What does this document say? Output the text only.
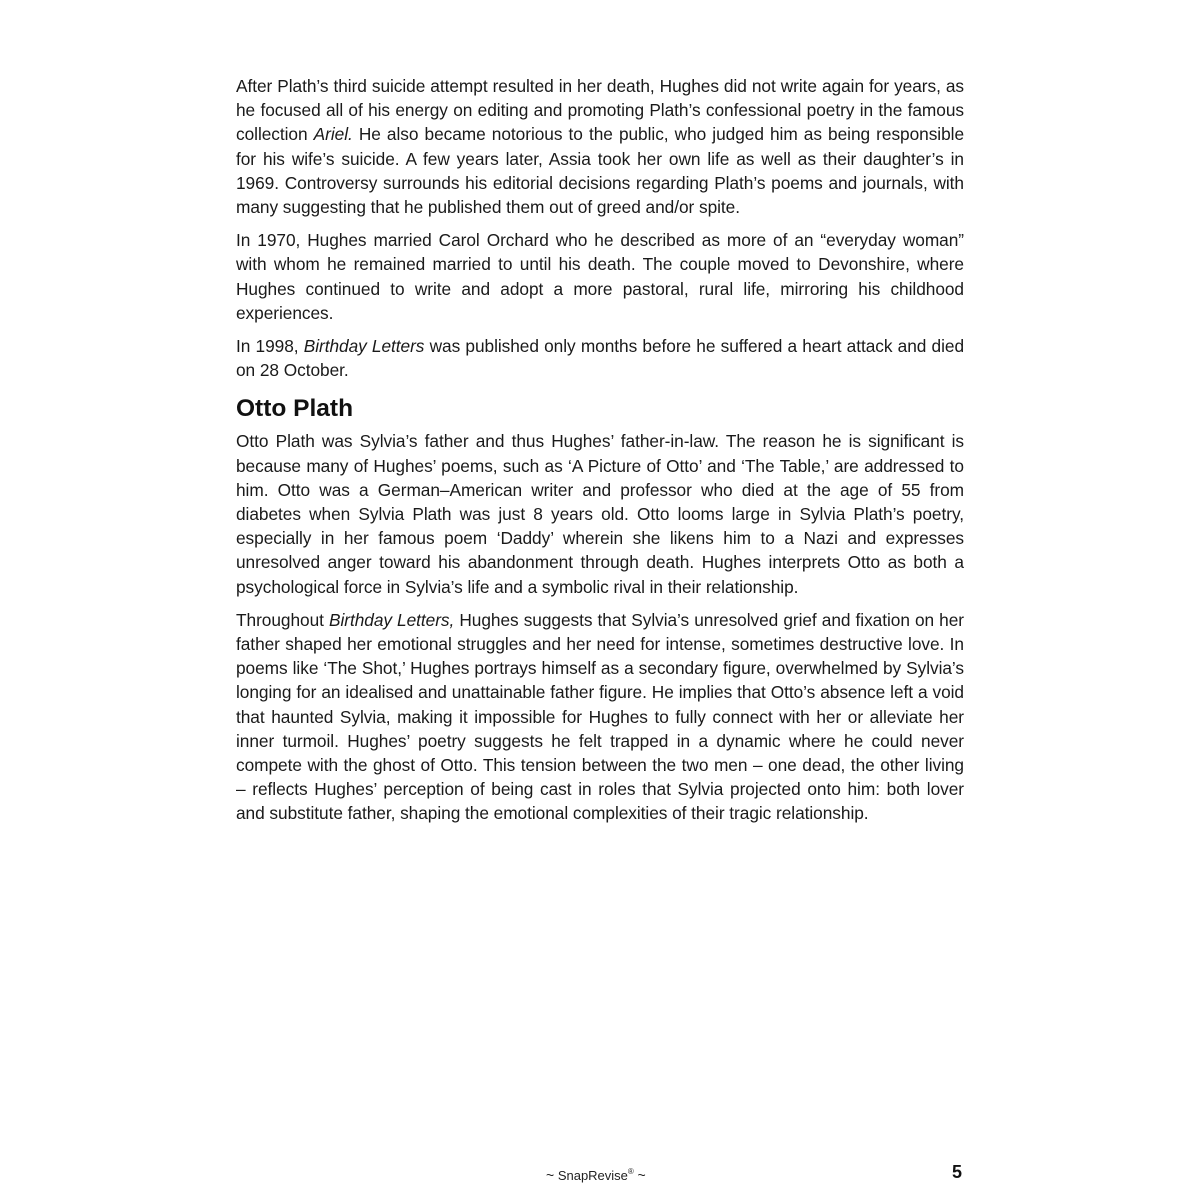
After Plath’s third suicide attempt resulted in her death, Hughes did not write again for years, as he focused all of his energy on editing and promoting Plath’s confessional poetry in the famous collection Ariel. He also became notorious to the public, who judged him as being responsible for his wife’s suicide. A few years later, Assia took her own life as well as their daughter’s in 1969. Controversy surrounds his editorial decisions regarding Plath’s poems and journals, with many suggesting that he published them out of greed and/or spite.

In 1970, Hughes married Carol Orchard who he described as more of an “everyday woman” with whom he remained married to until his death. The couple moved to Devonshire, where Hughes continued to write and adopt a more pastoral, rural life, mirroring his childhood experiences.

In 1998, Birthday Letters was published only months before he suffered a heart attack and died on 28 October.

Otto Plath

Otto Plath was Sylvia’s father and thus Hughes’ father-in-law. The reason he is significant is because many of Hughes’ poems, such as ‘A Picture of Otto’ and ‘The Table,’ are addressed to him. Otto was a German–American writer and professor who died at the age of 55 from diabetes when Sylvia Plath was just 8 years old. Otto looms large in Sylvia Plath’s poetry, especially in her famous poem ‘Daddy’ wherein she likens him to a Nazi and expresses unresolved anger toward his abandonment through death. Hughes interprets Otto as both a psychological force in Sylvia’s life and a symbolic rival in their relationship.

Throughout Birthday Letters, Hughes suggests that Sylvia’s unresolved grief and fixation on her father shaped her emotional struggles and her need for intense, sometimes destructive love. In poems like ‘The Shot,’ Hughes portrays himself as a secondary figure, overwhelmed by Sylvia’s longing for an idealised and unattainable father figure. He implies that Otto’s absence left a void that haunted Sylvia, making it impossible for Hughes to fully connect with her or alleviate her inner turmoil. Hughes’ poetry suggests he felt trapped in a dynamic where he could never compete with the ghost of Otto. This tension between the two men – one dead, the other living – reflects Hughes’ perception of being cast in roles that Sylvia projected onto him: both lover and substitute father, shaping the emotional complexities of their tragic relationship.

~ SnapRevise® ~	5
